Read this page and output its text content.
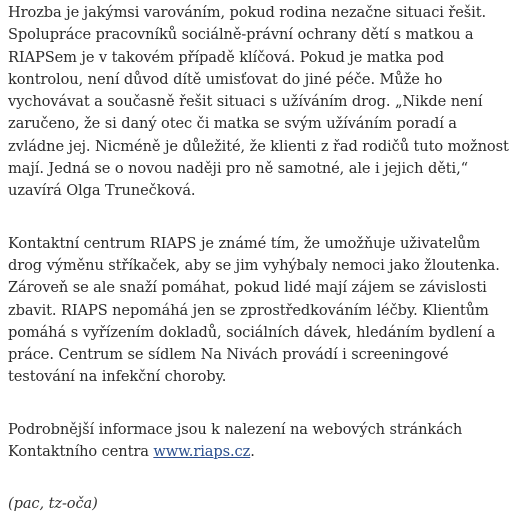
Hrozba je jakýmsi varováním, pokud rodina nezačne situaci řešit.
Spolupráce pracovníků sociálně-právní ochrany dětí s matkou a
RIAPSem je v takovém případě klíčová. Pokud je matka pod
kontrolou, není důvod dítě umisťovat do jiné péče. Může ho
vychovávat a současně řešit situaci s užíváním drog. „Nikde není
zaručeno, že si daný otec či matka se svým užíváním poradí a
zvládne jej. Nicméně je důležité, že klienti z řad rodičů tuto možnost
mají. Jedná se o novou naději pro ně samotné, ale i jejich děti,“
uzavírá Olga Trunečková.

Kontaktní centrum RIAPS je známé tím, že umožňuje uživatelům
drog výměnu stříkaček, aby se jim vyhýbaly nemoci jako žloutenka.
Zároveň se ale snaží pomáhat, pokud lidé mají zájem se závislosti
zbavit. RIAPS nepomáhá jen se zprostředkováním léčby. Klientům
pomáhá s vyřízením dokladů, sociálních dávek, hledáním bydlení a
práce. Centrum se sídlem Na Nivách provádí i screeningové
testování na infekční choroby.

Podrobnější informace jsou k nalezení na webových stránkách
Kontaktního centra www.riaps.cz.

(pac, tz-oča)
